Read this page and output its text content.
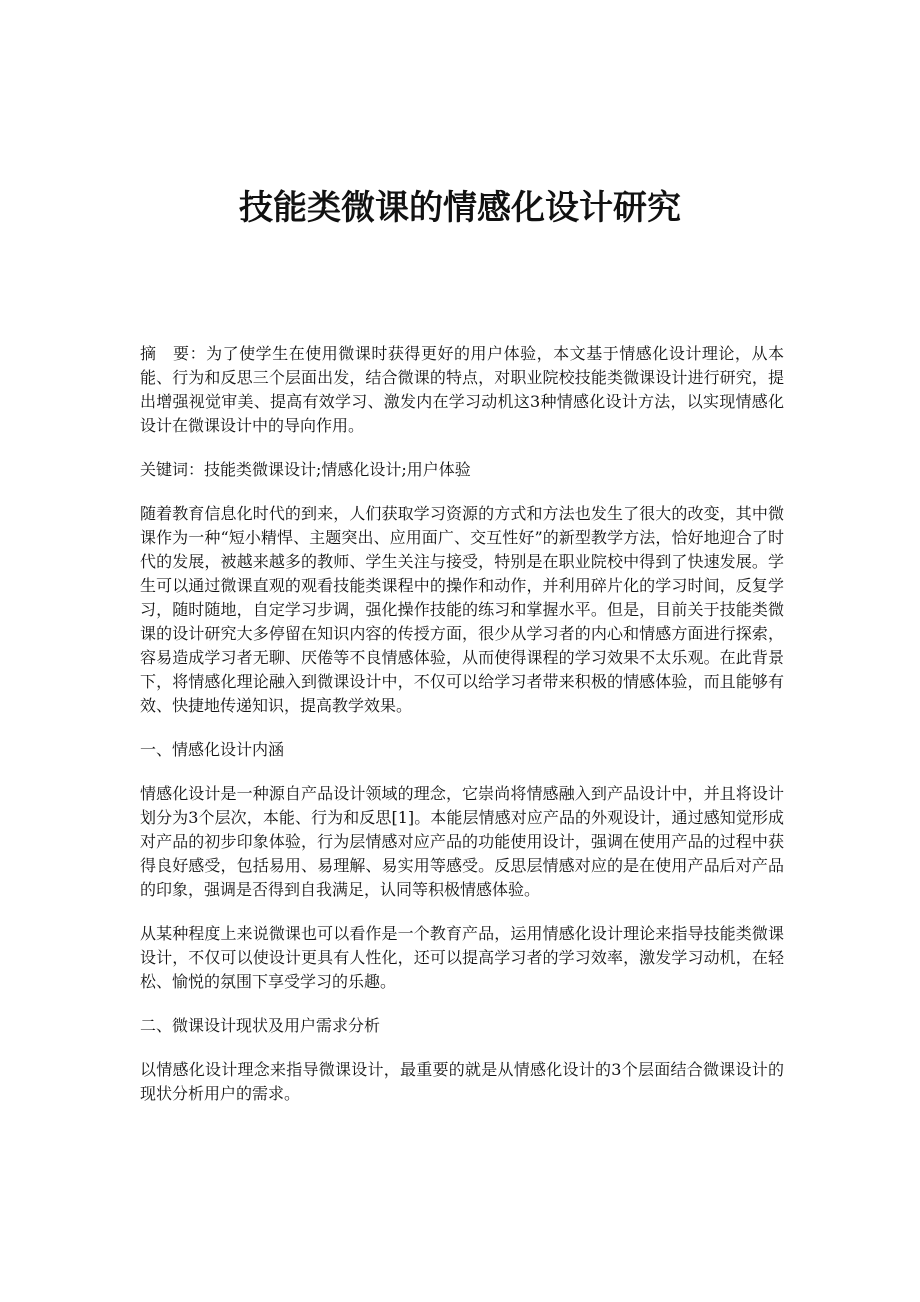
技能类微课的情感化设计研究

摘　要：为了使学生在使用微课时获得更好的用户体验，本文基于情感化设计理论，从本能、行为和反思三个层面出发，结合微课的特点，对职业院校技能类微课设计进行研究，提出增强视觉审美、提高有效学习、激发内在学习动机这3种情感化设计方法，以实现情感化设计在微课设计中的导向作用。

关键词：技能类微课设计;情感化设计;用户体验

随着教育信息化时代的到来，人们获取学习资源的方式和方法也发生了很大的改变，其中微课作为一种“短小精悍、主题突出、应用面广、交互性好”的新型教学方法，恰好地迎合了时代的发展，被越来越多的教师、学生关注与接受，特别是在职业院校中得到了快速发展。学生可以通过微课直观的观看技能类课程中的操作和动作，并利用碎片化的学习时间，反复学习，随时随地，自定学习步调，强化操作技能的练习和掌握水平。但是，目前关于技能类微课的设计研究大多停留在知识内容的传授方面，很少从学习者的内心和情感方面进行探索，容易造成学习者无聊、厌倦等不良情感体验，从而使得课程的学习效果不太乐观。在此背景下，将情感化理论融入到微课设计中，不仅可以给学习者带来积极的情感体验，而且能够有效、快捷地传递知识，提高教学效果。

一、情感化设计内涵

情感化设计是一种源自产品设计领域的理念，它崇尚将情感融入到产品设计中，并且将设计划分为3个层次，本能、行为和反思[1]。本能层情感对应产品的外观设计，通过感知觉形成对产品的初步印象体验，行为层情感对应产品的功能使用设计，强调在使用产品的过程中获得良好感受，包括易用、易理解、易实用等感受。反思层情感对应的是在使用产品后对产品的印象，强调是否得到自我满足，认同等积极情感体验。

从某种程度上来说微课也可以看作是一个教育产品，运用情感化设计理论来指导技能类微课设计，不仅可以使设计更具有人性化，还可以提高学习者的学习效率，激发学习动机，在轻松、愉悦的氛围下享受学习的乐趣。

二、微课设计现状及用户需求分析

以情感化设计理念来指导微课设计，最重要的就是从情感化设计的3个层面结合微课设计的现状分析用户的需求。
